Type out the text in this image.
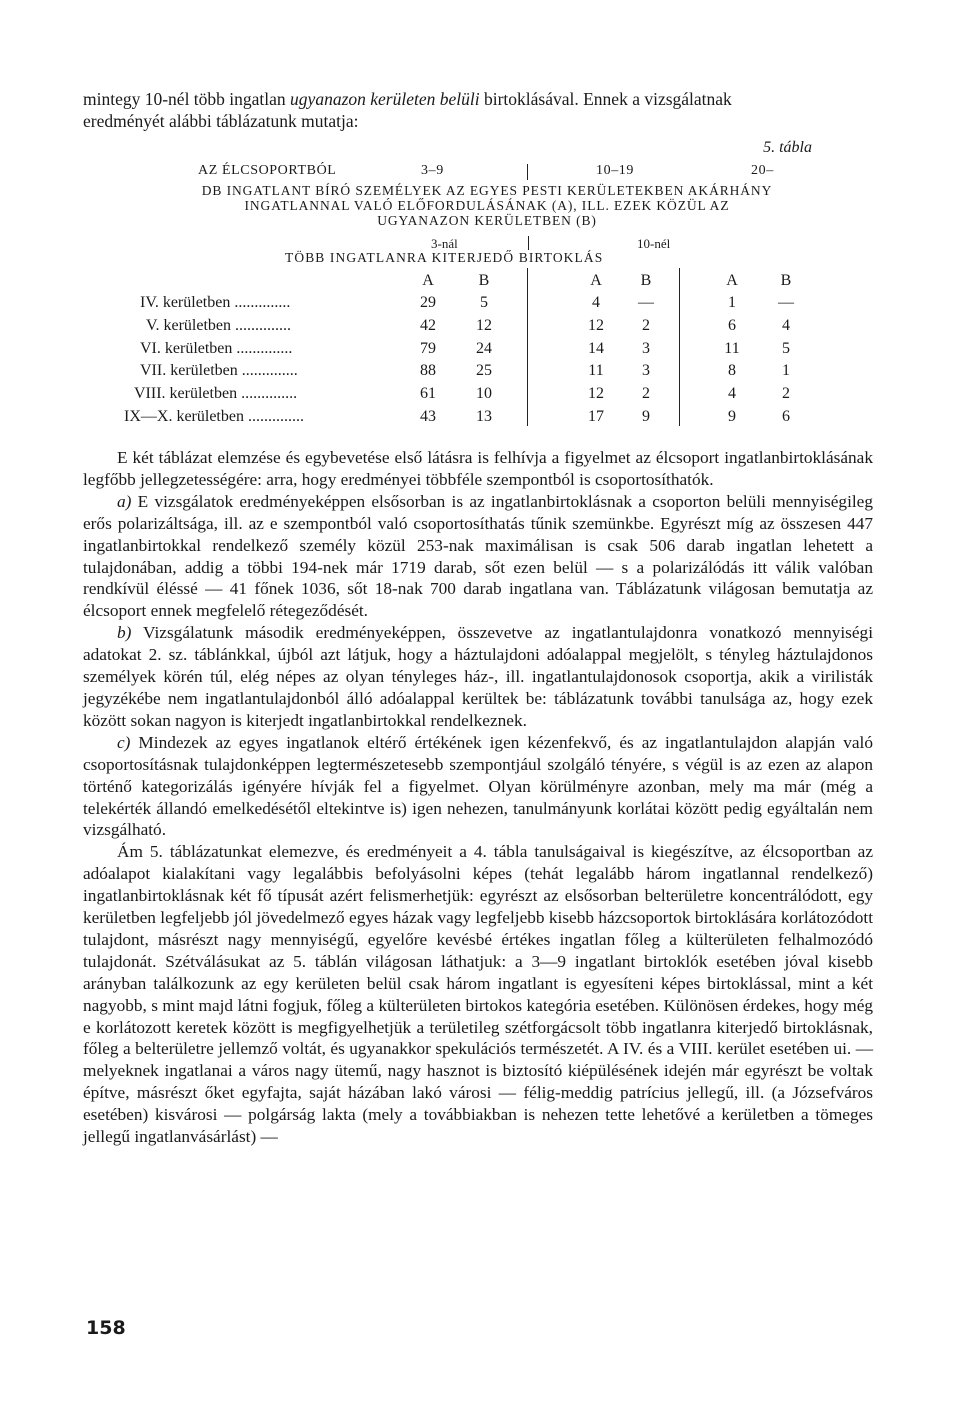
mintegy 10-nél több ingatlan ugyanazon kerületen belüli birtoklásával. Ennek a vizsgálatnak
eredményét alábbi táblázatunk mutatja:
5. tábla
AZ ÉLCSOPORTBÓL	3–9	10–19	20–
DB INGATLANT BÍRÓ SZEMÉLYEK AZ EGYES PESTI KERÜLETEKBEN AKÁRHÁNY
INGATLANNAL VALÓ ELŐFORDULÁSÁNAK (A), ILL. EZEK KÖZÜL AZ
UGYANAZON KERÜLETBEN (B)
3-nál	10-nél
TÖBB INGATLANRA KITERJEDŐ BIRTOKLÁS
A	B	A	B	A	B
IV. kerületben ..............	29	5	4	—	1	—
V. kerületben ..............	42	12	12	2	6	4
VI. kerületben ..............	79	24	14	3	11	5
VII. kerületben ..............	88	25	11	3	8	1
VIII. kerületben ..............	61	10	12	2	4	2
IX—X. kerületben ..............	43	13	17	9	9	6

E két táblázat elemzése és egybevetése első látásra is felhívja a figyelmet az élcsoport ingatlanbirtoklásának legfőbb jellegzetességére: arra, hogy eredményei többféle szempontból is csoportosíthatók.

a) E vizsgálatok eredményeképpen elsősorban is az ingatlanbirtoklásnak a csoporton belüli mennyiségileg erős polarizáltsága, ill. az e szempontból való csoportosíthatás tűnik szemünkbe. Egyrészt míg az összesen 447 ingatlanbirtokkal rendelkező személy közül 253-nak maximálisan is csak 506 darab ingatlan lehetett a tulajdonában, addig a többi 194-nek már 1719 darab, sőt ezen belül — s a polarizálódás itt válik valóban rendkívül éléssé — 41 főnek 1036, sőt 18-nak 700 darab ingatlana van. Táblázatunk világosan bemutatja az élcsoport ennek megfelelő rétegeződését.

b) Vizsgálatunk második eredményeképpen, összevetve az ingatlantulajdonra vonatkozó mennyiségi adatokat 2. sz. táblánkkal, újból azt látjuk, hogy a háztulajdoni adóalappal megjelölt, s tényleg háztulajdonos személyek körén túl, elég népes az olyan tényleges ház-, ill. ingatlantulajdonosok csoportja, akik a virilisták jegyzékébe nem ingatlantulajdonból álló adóalappal kerültek be: táblázatunk további tanulsága az, hogy ezek között sokan nagyon is kiterjedt ingatlanbirtokkal rendelkeznek.

c) Mindezek az egyes ingatlanok eltérő értékének igen kézenfekvő, és az ingatlantulajdon alapján való csoportosításnak tulajdonképpen legtermészetesebb szempontjául szolgáló tényére, s végül is az ezen az alapon történő kategorizálás igényére hívják fel a figyelmet. Olyan körülményre azonban, mely ma már (még a telekérték állandó emelkedésétől eltekintve is) igen nehezen, tanulmányunk korlátai között pedig egyáltalán nem vizsgálható.

Ám 5. táblázatunkat elemezve, és eredményeit a 4. tábla tanulságaival is kiegészítve, az élcsoportban az adóalapot kialakítani vagy legalábbis befolyásolni képes (tehát legalább három ingatlannal rendelkező) ingatlanbirtoklásnak két fő típusát azért felismerhetjük: egyrészt az elsősorban belterületre koncentrálódott, egy kerületben legfeljebb jól jövedelmező egyes házak vagy legfeljebb kisebb házcsoportok birtoklására korlátozódott tulajdont, másrészt nagy mennyiségű, egyelőre kevésbé értékes ingatlan főleg a külterületen felhalmozódó tulajdonát. Szétválásukat az 5. táblán világosan láthatjuk: a 3—9 ingatlant birtoklók esetében jóval kisebb arányban találkozunk az egy kerületen belül csak három ingatlant is egyesíteni képes birtoklással, mint a két nagyobb, s mint majd látni fogjuk, főleg a külterületen birtokos kategória esetében. Különösen érdekes, hogy még e korlátozott keretek között is megfigyelhetjük a területileg szétforgácsolt több ingatlanra kiterjedő birtoklásnak, főleg a belterületre jellemző voltát, és ugyanakkor spekulációs természetét. A IV. és a VIII. kerület esetében ui. — melyeknek ingatlanai a város nagy ütemű, nagy hasznot is biztosító kiépülésének idején már egyrészt be voltak építve, másrészt őket egyfajta, saját házában lakó városi — félig-meddig patrícius jellegű, ill. (a Józsefváros esetében) kisvárosi — polgárság lakta (mely a továbbiakban is nehezen tette lehetővé a kerületben a tömeges jellegű ingatlanvásárlást) —

158
